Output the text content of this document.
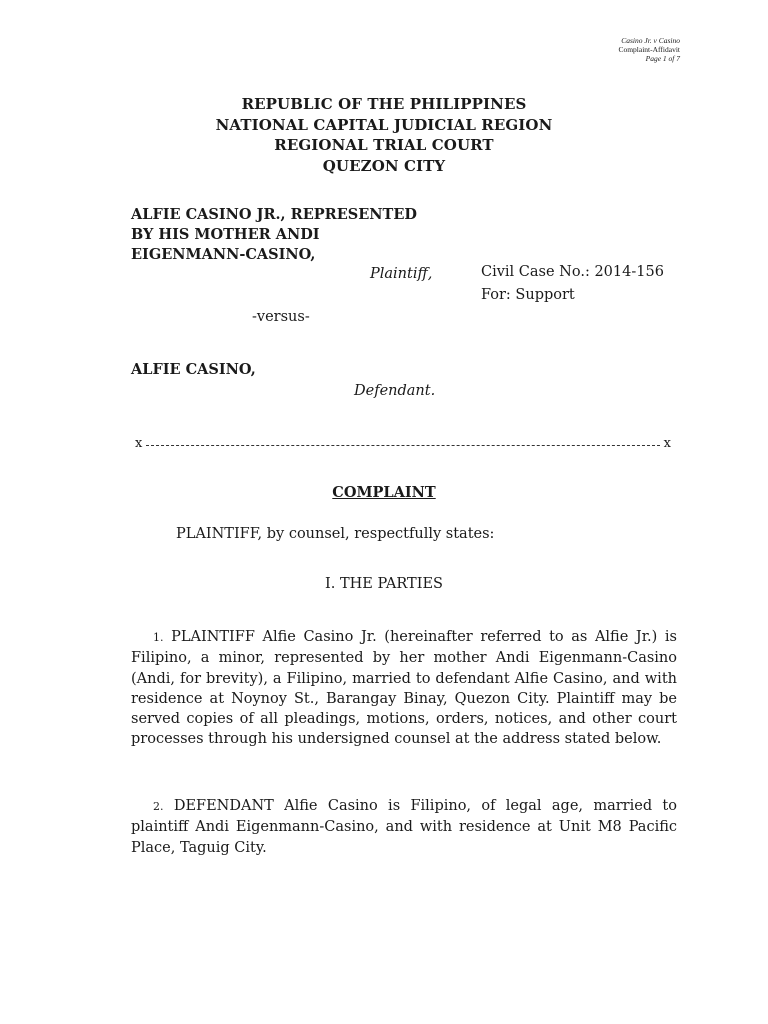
Casino Jr. v Casino
Complaint-Affidavit
Page 1 of 7
REPUBLIC OF THE PHILIPPINES
NATIONAL CAPITAL JUDICIAL REGION
REGIONAL TRIAL COURT
QUEZON CITY
ALFIE CASINO JR., REPRESENTED
BY HIS MOTHER ANDI
EIGENMANN-CASINO,
Plaintiff,	Civil Case No.: 2014-156
For: Support
-versus-
ALFIE CASINO,
Defendant.
x	x
COMPLAINT
PLAINTIFF, by counsel, respectfully states:
I. THE PARTIES
1. PLAINTIFF Alfie Casino Jr. (hereinafter referred to as Alfie Jr.) is Filipino, a minor, represented by her mother Andi Eigenmann-Casino (Andi, for brevity), a Filipino, married to defendant Alfie Casino, and with residence at Noynoy St., Barangay Binay, Quezon City. Plaintiff may be served copies of all pleadings, motions, orders, notices, and other court processes through his undersigned counsel at the address stated below.
2. DEFENDANT Alfie Casino is Filipino, of legal age, married to plaintiff Andi Eigenmann-Casino, and with residence at Unit M8 Pacific Place, Taguig City.
